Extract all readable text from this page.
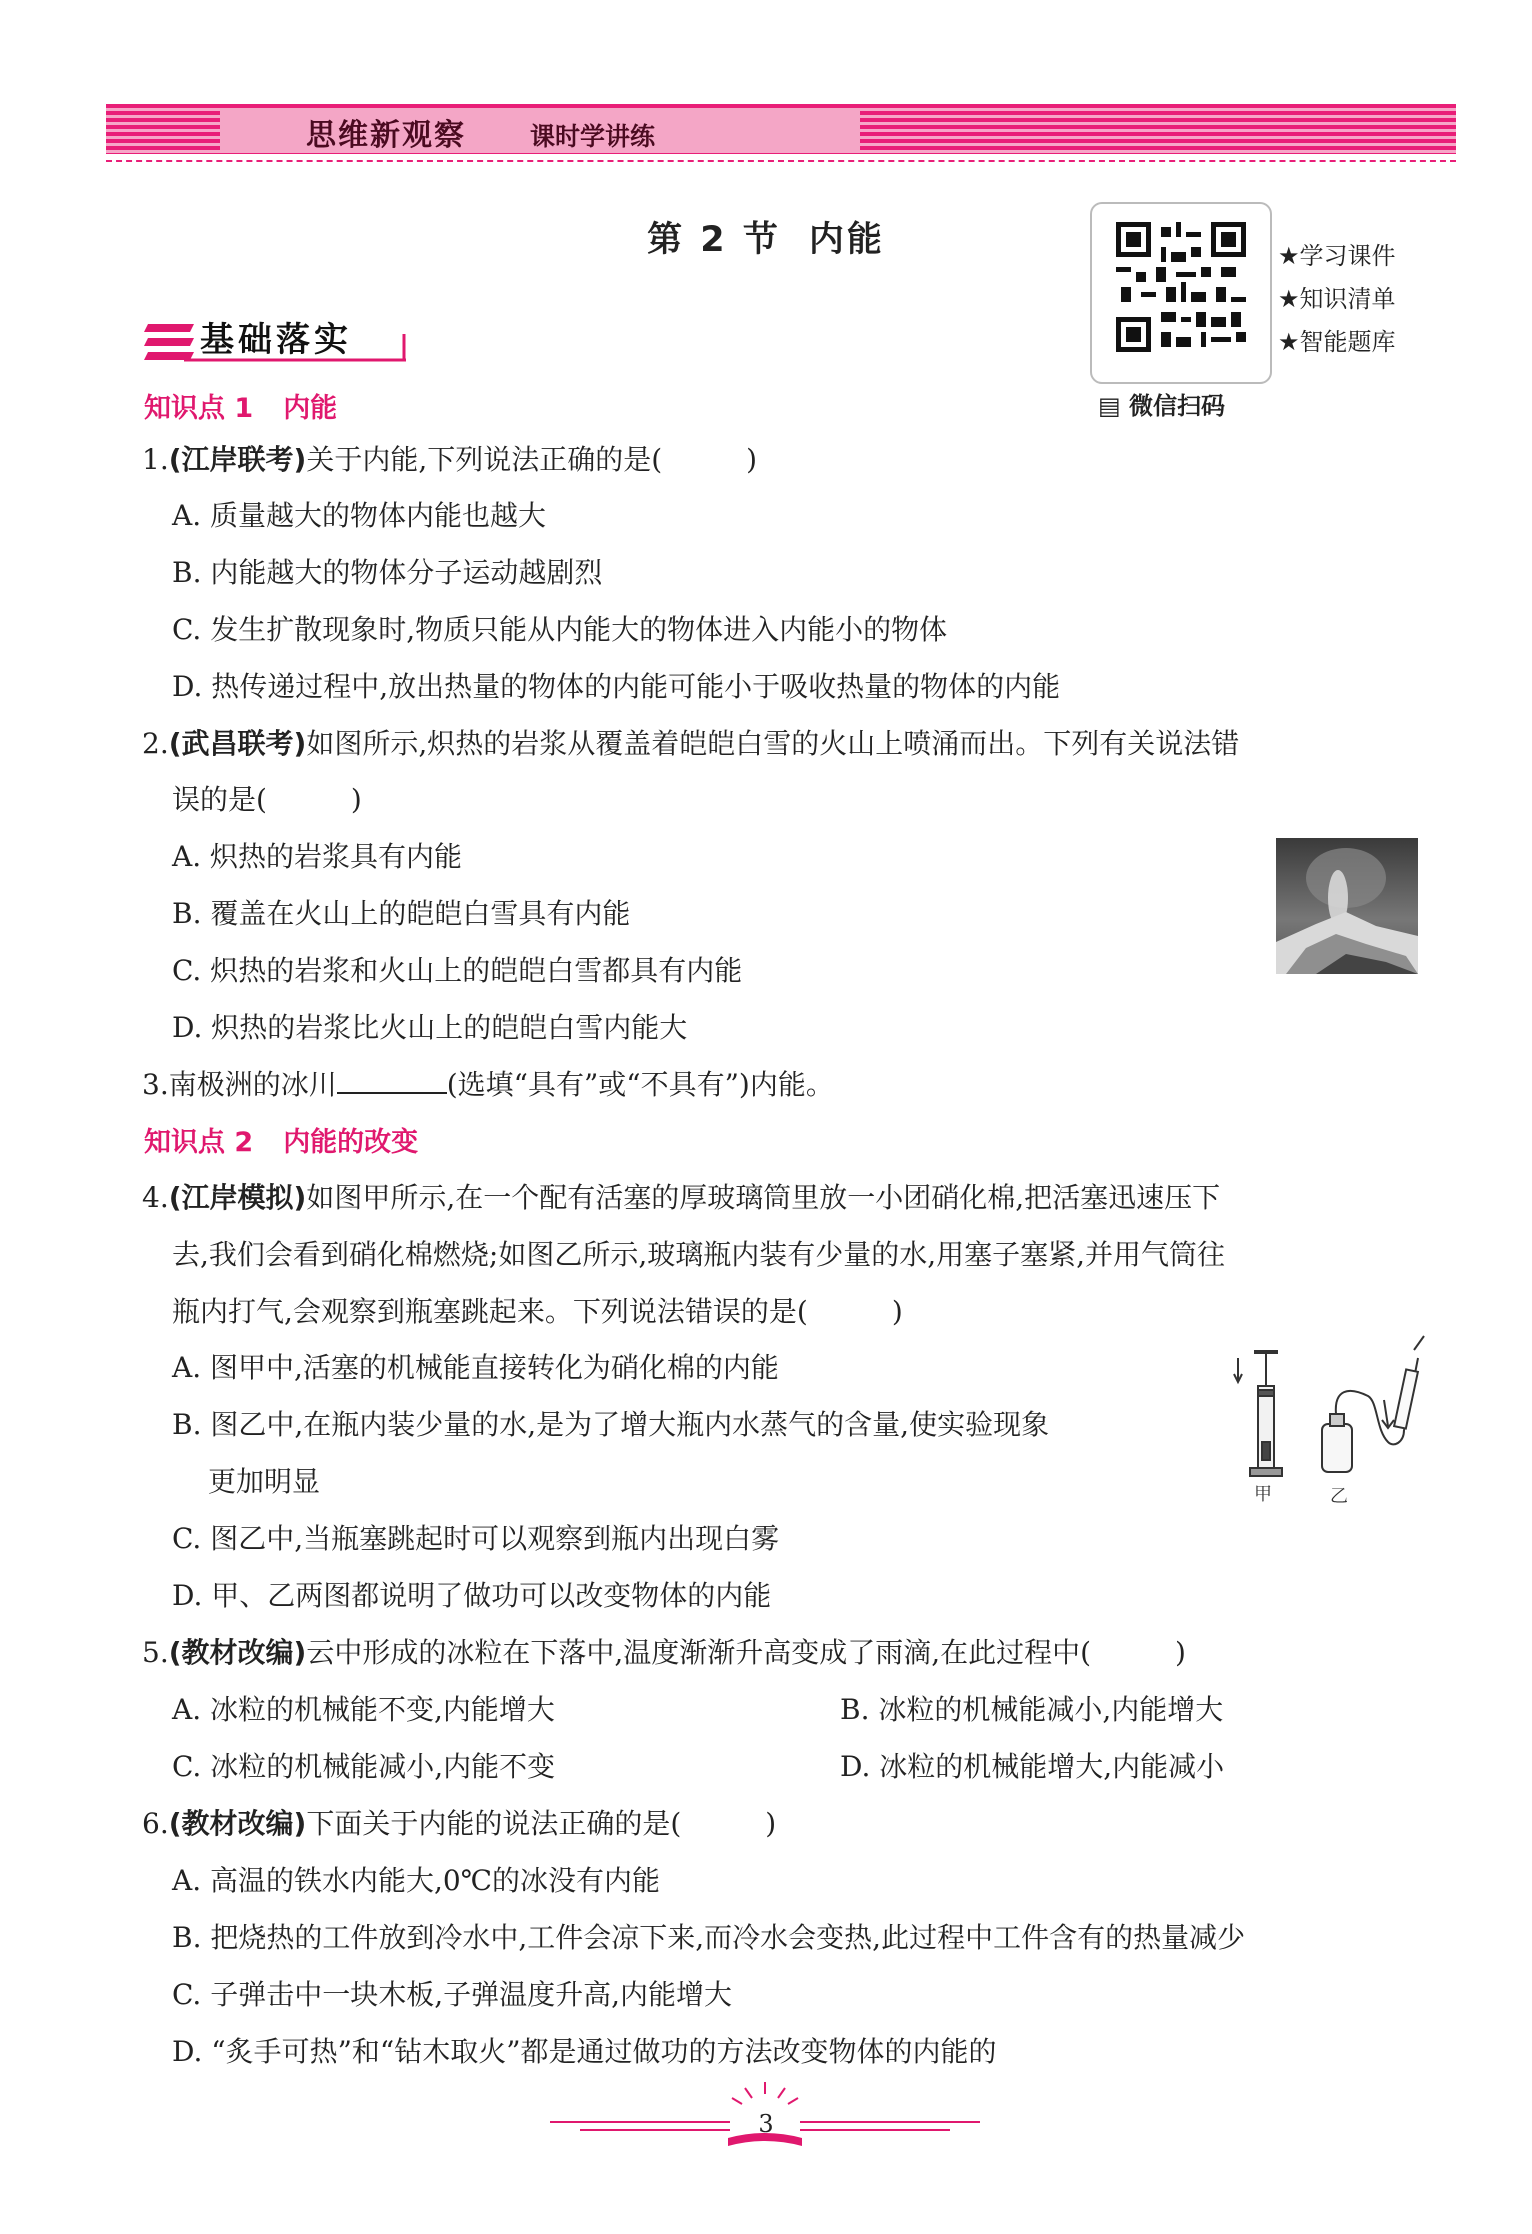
思维新观察	课时学讲练
第 2 节 内能
▤ 微信扫码
★学习课件
★知识清单
★智能题库
基础落实
知识点 1 内能
1.(江岸联考)关于内能,下列说法正确的是(　　　)
A. 质量越大的物体内能也越大
B. 内能越大的物体分子运动越剧烈
C. 发生扩散现象时,物质只能从内能大的物体进入内能小的物体
D. 热传递过程中,放出热量的物体的内能可能小于吸收热量的物体的内能
2.(武昌联考)如图所示,炽热的岩浆从覆盖着皑皑白雪的火山上喷涌而出。下列有关说法错
误的是(　　　)
A. 炽热的岩浆具有内能
B. 覆盖在火山上的皑皑白雪具有内能
C. 炽热的岩浆和火山上的皑皑白雪都具有内能
D. 炽热的岩浆比火山上的皑皑白雪内能大
3.南极洲的冰川	(选填“具有”或“不具有”)内能。
知识点 2 内能的改变
4.(江岸模拟)如图甲所示,在一个配有活塞的厚玻璃筒里放一小团硝化棉,把活塞迅速压下
去,我们会看到硝化棉燃烧;如图乙所示,玻璃瓶内装有少量的水,用塞子塞紧,并用气筒往
瓶内打气,会观察到瓶塞跳起来。下列说法错误的是(　　　)
A. 图甲中,活塞的机械能直接转化为硝化棉的内能
B. 图乙中,在瓶内装少量的水,是为了增大瓶内水蒸气的含量,使实验现象
更加明显
C. 图乙中,当瓶塞跳起时可以观察到瓶内出现白雾
D. 甲、乙两图都说明了做功可以改变物体的内能
甲	乙
5.(教材改编)云中形成的冰粒在下落中,温度渐渐升高变成了雨滴,在此过程中(　　　)
A. 冰粒的机械能不变,内能增大	B. 冰粒的机械能减小,内能增大
C. 冰粒的机械能减小,内能不变	D. 冰粒的机械能增大,内能减小
6.(教材改编)下面关于内能的说法正确的是(　　　)
A. 高温的铁水内能大,0℃的冰没有内能
B. 把烧热的工件放到冷水中,工件会凉下来,而冷水会变热,此过程中工件含有的热量减少
C. 子弹击中一块木板,子弹温度升高,内能增大
D. “炙手可热”和“钻木取火”都是通过做功的方法改变物体的内能的
3
